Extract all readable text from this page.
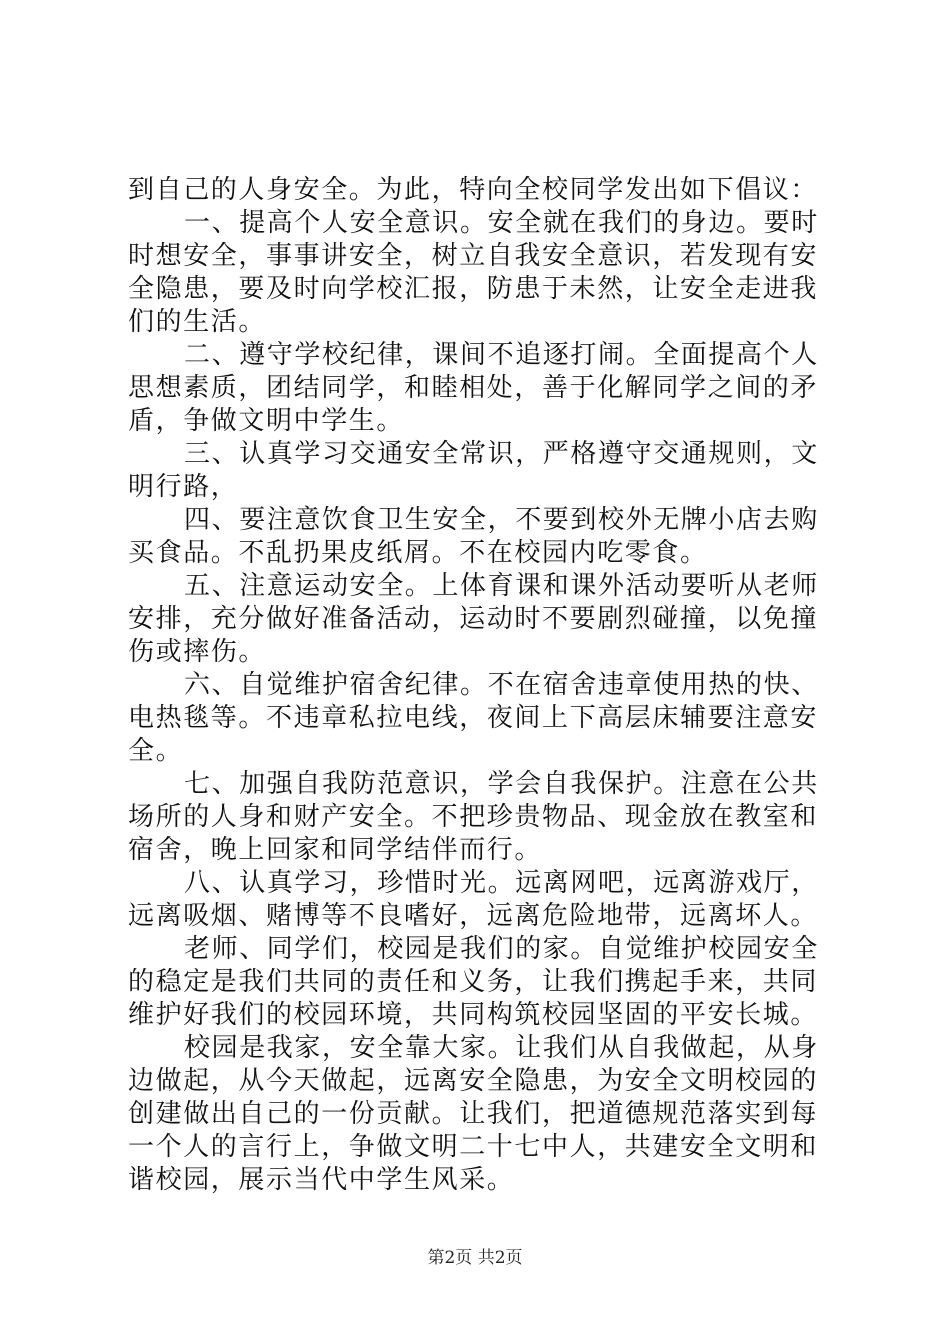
到自己的人身安全。为此，特向全校同学发出如下倡议：

一、提高个人安全意识。安全就在我们的身边。要时时想安全，事事讲安全，树立自我安全意识，若发现有安全隐患，要及时向学校汇报，防患于未然，让安全走进我们的生活。

二、遵守学校纪律，课间不追逐打闹。全面提高个人思想素质，团结同学，和睦相处，善于化解同学之间的矛盾，争做文明中学生。

三、认真学习交通安全常识，严格遵守交通规则，文明行路，

四、要注意饮食卫生安全，不要到校外无牌小店去购买食品。不乱扔果皮纸屑。不在校园内吃零食。

五、注意运动安全。上体育课和课外活动要听从老师安排，充分做好准备活动，运动时不要剧烈碰撞，以免撞伤或摔伤。

六、自觉维护宿舍纪律。不在宿舍违章使用热的快、电热毯等。不违章私拉电线，夜间上下高层床辅要注意安全。

七、加强自我防范意识，学会自我保护。注意在公共场所的人身和财产安全。不把珍贵物品、现金放在教室和宿舍，晚上回家和同学结伴而行。

八、认真学习，珍惜时光。远离网吧，远离游戏厅，远离吸烟、赌博等不良嗜好，远离危险地带，远离坏人。

老师、同学们，校园是我们的家。自觉维护校园安全的稳定是我们共同的责任和义务，让我们携起手来，共同维护好我们的校园环境，共同构筑校园坚固的平安长城。

校园是我家，安全靠大家。让我们从自我做起，从身边做起，从今天做起，远离安全隐患，为安全文明校园的创建做出自己的一份贡献。让我们，把道德规范落实到每一个人的言行上，争做文明二十七中人，共建安全文明和谐校园，展示当代中学生风采。

第2页 共2页
